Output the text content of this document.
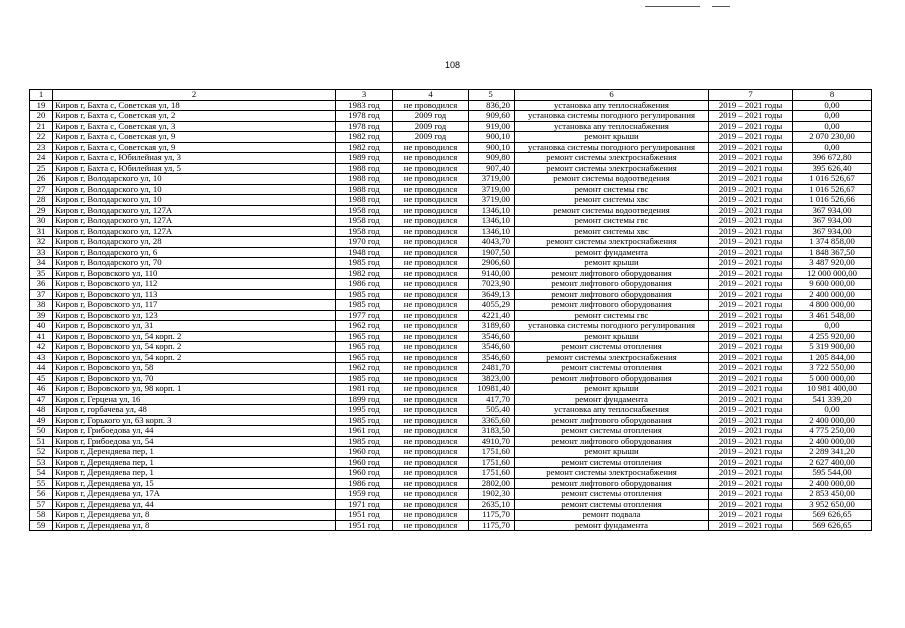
108
1	2	3	4	5	6	7	8
19	Киров г, Бахта с, Советская ул, 18	1983 год	не проводился	836,20	установка апу теплоснабжения	2019 – 2021 годы	0,00
20	Киров г, Бахта с, Советская ул, 2	1978 год	2009 год	909,60	установка системы погодного регулирования	2019 – 2021 годы	0,00
21	Киров г, Бахта с, Советская ул, 3	1978 год	2009 год	919,00	установка апу теплоснабжения	2019 – 2021 годы	0,00
22	Киров г, Бахта с, Советская ул, 9	1982 год	2009 год	900,10	ремонт крыши	2019 – 2021 годы	2 070 230,00
23	Киров г, Бахта с, Советская ул, 9	1982 год	не проводился	900,10	установка системы погодного регулирования	2019 – 2021 годы	0,00
24	Киров г, Бахта с, Юбилейная ул, 3	1989 год	не проводился	909,80	ремонт системы электроснабжения	2019 – 2021 годы	396 672,80
25	Киров г, Бахта с, Юбилейная ул, 5	1988 год	не проводился	907,40	ремонт системы электроснабжения	2019 – 2021 годы	395 626,40
26	Киров г, Володарского ул, 10	1988 год	не проводился	3719,00	ремонт системы водоотведения	2019 – 2021 годы	1 016 526,67
27	Киров г, Володарского ул, 10	1988 год	не проводился	3719,00	ремонт системы гвс	2019 – 2021 годы	1 016 526,67
28	Киров г, Володарского ул, 10	1988 год	не проводился	3719,00	ремонт системы хвс	2019 – 2021 годы	1 016 526,66
29	Киров г, Володарского ул, 127А	1958 год	не проводился	1346,10	ремонт системы водоотведения	2019 – 2021 годы	367 934,00
30	Киров г, Володарского ул, 127А	1958 год	не проводился	1346,10	ремонт системы гвс	2019 – 2021 годы	367 934,00
31	Киров г, Володарского ул, 127А	1958 год	не проводился	1346,10	ремонт системы хвс	2019 – 2021 годы	367 934,00
32	Киров г, Володарского ул, 28	1970 год	не проводился	4043,70	ремонт системы электроснабжения	2019 – 2021 годы	1 374 858,00
33	Киров г, Володарского ул, 6	1948 год	не проводился	1907,50	ремонт фундамента	2019 – 2021 годы	1 848 367,50
34	Киров г, Володарского ул, 70	1985 год	не проводился	2906,60	ремонт крыши	2019 – 2021 годы	3 487 920,00
35	Киров г, Воровского ул, 110	1982 год	не проводился	9140,00	ремонт лифтового оборудования	2019 – 2021 годы	12 000 000,00
36	Киров г, Воровского ул, 112	1986 год	не проводился	7023,90	ремонт лифтового оборудования	2019 – 2021 годы	9 600 000,00
37	Киров г, Воровского ул, 113	1985 год	не проводился	3649,13	ремонт лифтового оборудования	2019 – 2021 годы	2 400 000,00
38	Киров г, Воровского ул, 117	1985 год	не проводился	4055,29	ремонт лифтового оборудования	2019 – 2021 годы	4 800 000,00
39	Киров г, Воровского ул, 123	1977 год	не проводился	4221,40	ремонт системы гвс	2019 – 2021 годы	3 461 548,00
40	Киров г, Воровского ул, 31	1962 год	не проводился	3189,60	установка системы погодного регулирования	2019 – 2021 годы	0,00
41	Киров г, Воровского ул, 54 корп. 2	1965 год	не проводился	3546,60	ремонт крыши	2019 – 2021 годы	4 255 920,00
42	Киров г, Воровского ул, 54 корп. 2	1965 год	не проводился	3546,60	ремонт системы отопления	2019 – 2021 годы	5 319 900,00
43	Киров г, Воровского ул, 54 корп. 2	1965 год	не проводился	3546,60	ремонт системы электроснабжения	2019 – 2021 годы	1 205 844,00
44	Киров г, Воровского ул, 58	1962 год	не проводился	2481,70	ремонт системы отопления	2019 – 2021 годы	3 722 550,00
45	Киров г, Воровского ул, 70	1985 год	не проводился	3823,00	ремонт лифтового оборудования	2019 – 2021 годы	5 000 000,00
46	Киров г, Воровского ул, 98 корп. 1	1981 год	не проводился	10981,40	ремонт крыши	2019 – 2021 годы	10 981 400,00
47	Киров г, Герцена ул, 16	1899 год	не проводился	417,70	ремонт фундамента	2019 – 2021 годы	541 339,20
48	Киров г, горбачева ул, 48	1995 год	не проводился	505,40	установка апу теплоснабжения	2019 – 2021 годы	0,00
49	Киров г, Горького ул, 63 корп. 3	1985 год	не проводился	3365,60	ремонт лифтового оборудования	2019 – 2021 годы	2 400 000,00
50	Киров г, Грибоедова ул, 44	1961 год	не проводился	3183,50	ремонт системы отопления	2019 – 2021 годы	4 775 250,00
51	Киров г, Грибоедова ул, 54	1985 год	не проводился	4910,70	ремонт лифтового оборудования	2019 – 2021 годы	2 400 000,00
52	Киров г, Дерендяева пер, 1	1960 год	не проводился	1751,60	ремонт крыши	2019 – 2021 годы	2 289 341,20
53	Киров г, Дерендяева пер, 1	1960 год	не проводился	1751,60	ремонт системы отопления	2019 – 2021 годы	2 627 400,00
54	Киров г, Дерендяева пер, 1	1960 год	не проводился	1751,60	ремонт системы электроснабжения	2019 – 2021 годы	595 544,00
55	Киров г, Дерендяева ул, 15	1986 год	не проводился	2802,00	ремонт лифтового оборудования	2019 – 2021 годы	2 400 000,00
56	Киров г, Дерендяева ул, 17А	1959 год	не проводился	1902,30	ремонт системы отопления	2019 – 2021 годы	2 853 450,00
57	Киров г, Дерендяева ул, 44	1971 год	не проводился	2635,10	ремонт системы отопления	2019 – 2021 годы	3 952 650,00
58	Киров г, Дерендяева ул, 8	1951 год	не проводился	1175,70	ремонт подвала	2019 – 2021 годы	569 626,65
59	Киров г, Дерендяева ул, 8	1951 год	не проводился	1175,70	ремонт фундамента	2019 – 2021 годы	569 626,65
